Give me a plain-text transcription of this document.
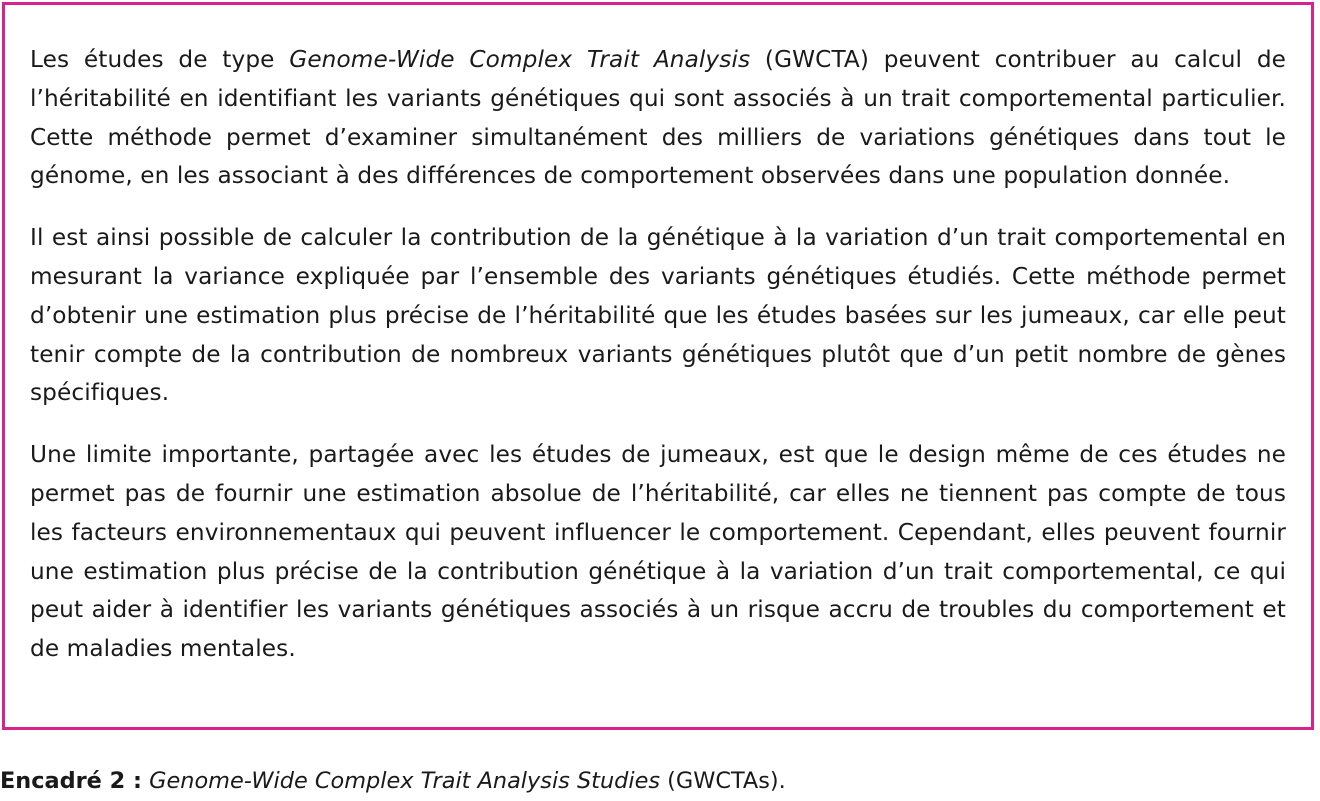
Les études de type Genome-Wide Complex Trait Analysis (GWCTA) peuvent contribuer au calcul de l’héritabilité en identifiant les variants génétiques qui sont associés à un trait comportemental particulier. Cette méthode permet d’examiner simultanément des milliers de variations génétiques dans tout le génome, en les associant à des différences de comportement observées dans une population donnée.

Il est ainsi possible de calculer la contribution de la génétique à la variation d’un trait comportemental en mesurant la variance expliquée par l’ensemble des variants génétiques étudiés. Cette méthode permet d’obtenir une estimation plus précise de l’héritabilité que les études basées sur les jumeaux, car elle peut tenir compte de la contribution de nombreux variants génétiques plutôt que d’un petit nombre de gènes spécifiques.

Une limite importante, partagée avec les études de jumeaux, est que le design même de ces études ne permet pas de fournir une estimation absolue de l’héritabilité, car elles ne tiennent pas compte de tous les facteurs environnementaux qui peuvent influencer le comportement. Cependant, elles peuvent fournir une estimation plus précise de la contribution génétique à la variation d’un trait comportemental, ce qui peut aider à identifier les variants génétiques associés à un risque accru de troubles du comportement et de maladies mentales.

Encadré 2 : Genome-Wide Complex Trait Analysis Studies (GWCTAs).
